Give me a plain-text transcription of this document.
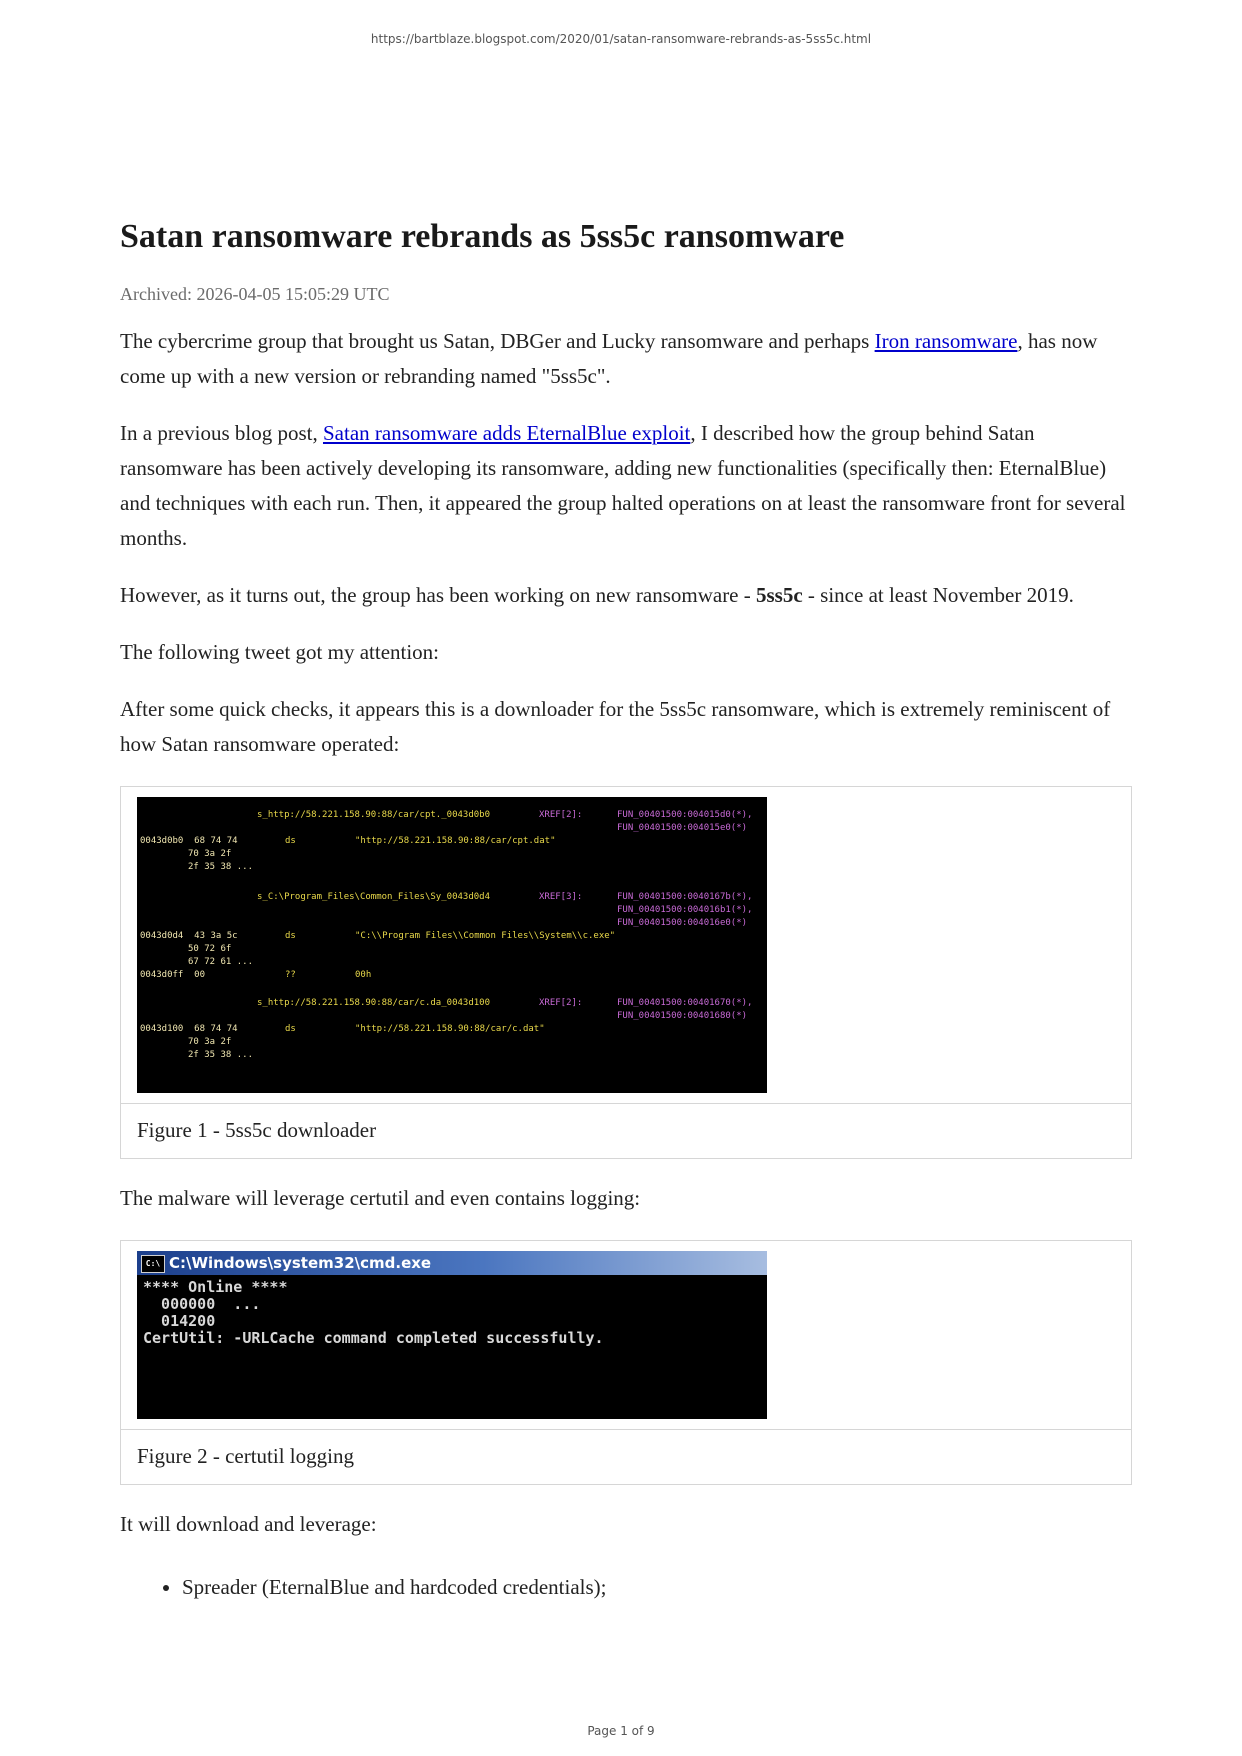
https://bartblaze.blogspot.com/2020/01/satan-ransomware-rebrands-as-5ss5c.html
Satan ransomware rebrands as 5ss5c ransomware
Archived: 2026-04-05 15:05:29 UTC

The cybercrime group that brought us Satan, DBGer and Lucky ransomware and perhaps Iron ransomware, has now come up with a new version or rebranding named "5ss5c".

In a previous blog post, Satan ransomware adds EternalBlue exploit, I described how the group behind Satan ransomware has been actively developing its ransomware, adding new functionalities (specifically then: EternalBlue) and techniques with each run. Then, it appeared the group halted operations on at least the ransomware front for several months.

However, as it turns out, the group has been working on new ransomware - 5ss5c - since at least November 2019.

The following tweet got my attention:

After some quick checks, it appears this is a downloader for the 5ss5c ransomware, which is extremely reminiscent of how Satan ransomware operated:

s_http://58.221.158.90:88/car/cpt._0043d0b0	XREF[2]:	FUN_00401500:004015d0(*),
FUN_00401500:004015e0(*)
0043d0b0  68 74 74	ds	"http://58.221.158.90:88/car/cpt.dat"
70 3a 2f
2f 35 38 ...
s_C:\Program_Files\Common_Files\Sy_0043d0d4	XREF[3]:	FUN_00401500:0040167b(*),
FUN_00401500:004016b1(*),
FUN_00401500:004016e0(*)
0043d0d4  43 3a 5c	ds	"C:\\Program Files\\Common Files\\System\\c.exe"
50 72 6f
67 72 61 ...
0043d0ff  00	??	00h
s_http://58.221.158.90:88/car/c.da_0043d100	XREF[2]:	FUN_00401500:00401670(*),
FUN_00401500:00401680(*)
0043d100  68 74 74	ds	"http://58.221.158.90:88/car/c.dat"
70 3a 2f
2f 35 38 ...
Figure 1 - 5ss5c downloader

The malware will leverage certutil and even contains logging:

C:\ C:\Windows\system32\cmd.exe
**** Online ****
000000  ...
014200
CertUtil: -URLCache command completed successfully.
Figure 2 - certutil logging

It will download and leverage:

• Spreader (EternalBlue and hardcoded credentials);
Page 1 of 9
